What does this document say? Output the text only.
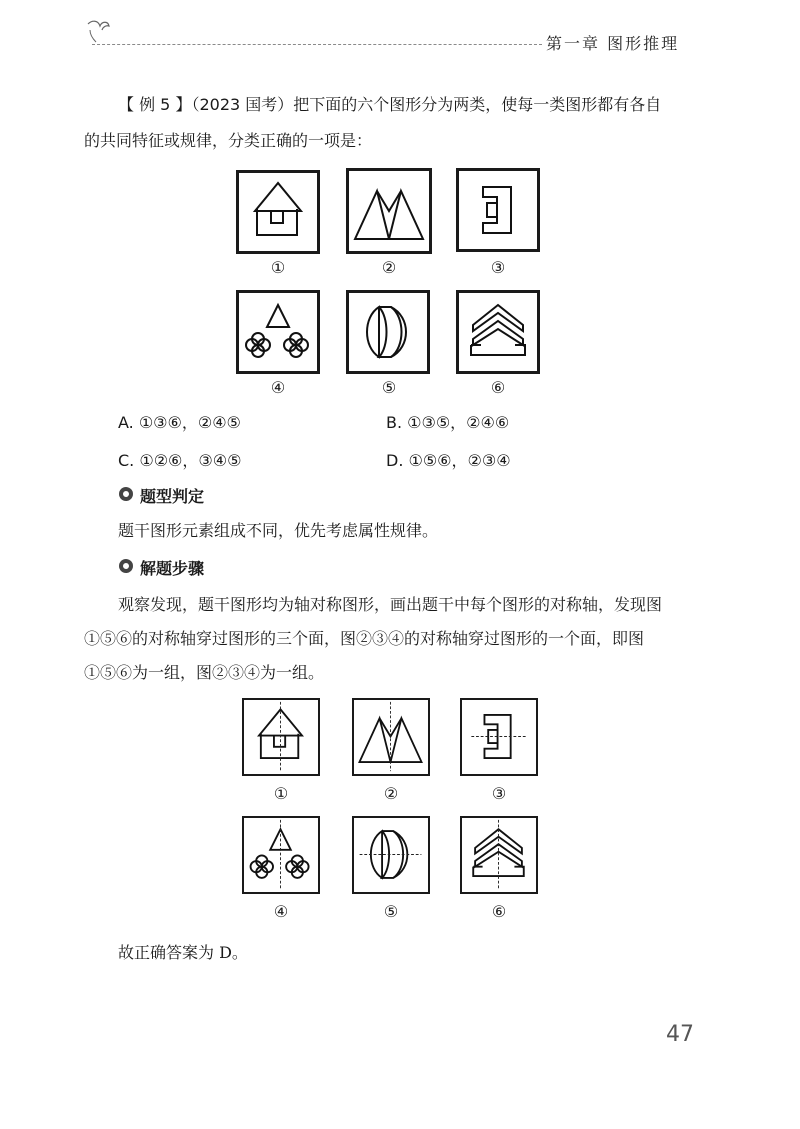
第一章 图形推理
【 例 5 】（2023 国考）把下面的六个图形分为两类，使每一类图形都有各自
的共同特征或规律，分类正确的一项是：
①	②	③
④	⑤	⑥
A. ①③⑥，②④⑤	B. ①③⑤，②④⑥
C. ①②⑥，③④⑤	D. ①⑤⑥，②③④
题型判定
题干图形元素组成不同，优先考虑属性规律。
解题步骤
观察发现，题干图形均为轴对称图形，画出题干中每个图形的对称轴，发现图
①⑤⑥的对称轴穿过图形的三个面，图②③④的对称轴穿过图形的一个面，即图
①⑤⑥为一组，图②③④为一组。
①	②	③
④	⑤	⑥
故正确答案为 D。
47
